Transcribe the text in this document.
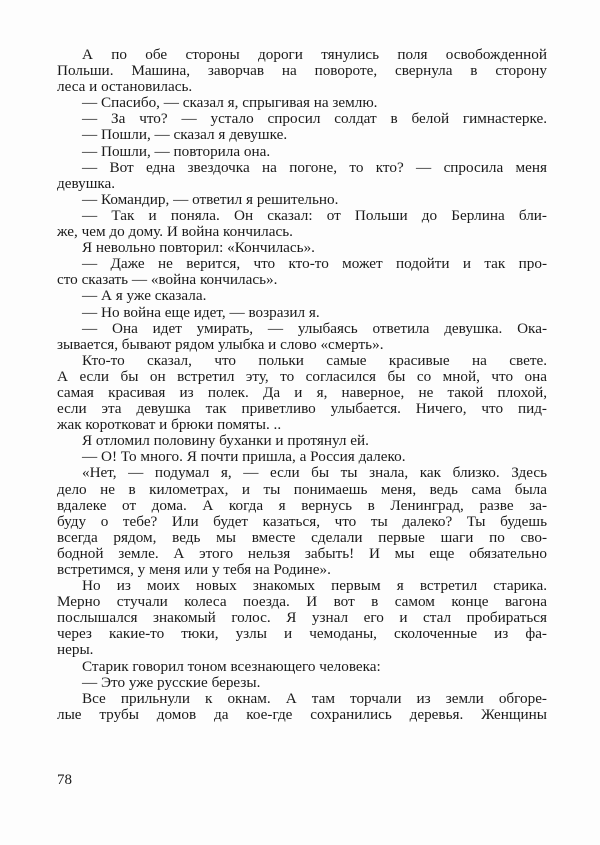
А по обе стороны дороги тянулись поля освобожденной
Польши. Машина, заворчав на повороте, свернула в сторону
леса и остановилась.
— Спасибо, — сказал я, спрыгивая на землю.
— За что? — устало спросил солдат в белой гимнастерке.
— Пошли, — сказал я девушке.
— Пошли, — повторила она.
— Вот една звездочка на погоне, то кто? — спросила меня
девушка.
— Командир, — ответил я решительно.
— Так и поняла. Он сказал: от Польши до Берлина бли-
же, чем до дому. И война кончилась.
Я невольно повторил: «Кончилась».
— Даже не верится, что кто-то может подойти и так про-
сто сказать — «война кончилась».
— А я уже сказала.
— Но война еще идет, — возразил я.
— Она идет умирать, — улыбаясь ответила девушка. Ока-
зывается, бывают рядом улыбка и слово «смерть».
Кто-то сказал, что польки самые красивые на свете.
А если бы он встретил эту, то согласился бы со мной, что она
самая красивая из полек. Да и я, наверное, не такой плохой,
если эта девушка так приветливо улыбается. Ничего, что пид-
жак коротковат и брюки помяты. ..
Я отломил половину буханки и протянул ей.
— О! То много. Я почти пришла, а Россия далеко.
«Нет, — подумал я, — если бы ты знала, как близко. Здесь
дело не в километрах, и ты понимаешь меня, ведь сама была
вдалеке от дома. А когда я вернусь в Ленинград, разве за-
буду о тебе? Или будет казаться, что ты далеко? Ты будешь
всегда рядом, ведь мы вместе сделали первые шаги по сво-
бодной земле. А этого нельзя забыть! И мы еще обязательно
встретимся, у меня или у тебя на Родине».
Но из моих новых знакомых первым я встретил старика.
Мерно стучали колеса поезда. И вот в самом конце вагона
послышался знакомый голос. Я узнал его и стал пробираться
через какие-то тюки, узлы и чемоданы, сколоченные из фа-
неры.
Старик говорил тоном всезнающего человека:
— Это уже русские березы.
Все прильнули к окнам. А там торчали из земли обгоре-
лые трубы домов да кое-где сохранились деревья. Женщины
78
